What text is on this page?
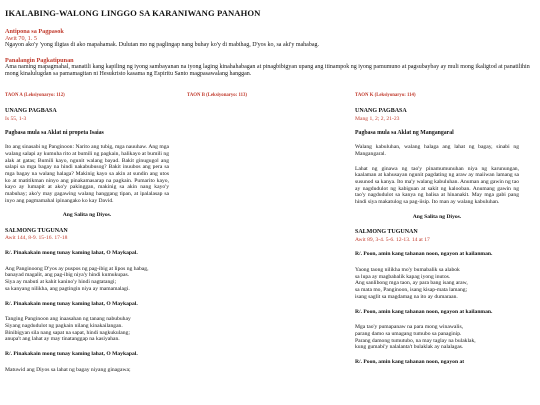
IKALABING-WALONG LINGGO SA KARANIWANG PANAHON

Antipona sa Pagpasok

Awit 70, 1. 5

Ngayon ako'y 'yong iligtas di ako mapahamak. Dulutan mo ng paglingap nang buhay ko'y di mabihag, D'yos ko, sa aki'y mahabag.

Panalangin Pagkatipunan

Ama naming mapagmahal, manatili kang kapiling ng iyong sambayanan na iyong laging kinahahabagan at pinagbibigyan upang ang itinampok ng iyong pamumuno at pagsubaybay ay muli mong ikaligtod at panatilihin mong kinalulugdan sa pamamagitan ni Hesukristo kasama ng Espiritu Santo magpasawalang hanggan.

TAON A (Leksiyonaryo: 112)

UNANG PAGBASA

Is 55, 1-3

Pagbasa mula sa Aklat ni propeta Isaias

Ito ang sinasabi ng Panginoon: Narito ang tubig, mga nauuhaw. Ang mga walang salapi ay kumuha rito at bumili ng pagkain, halikayo at bumili ng alak at gatas; Bumili kayo, ngunit walang bayad. Bakit ginugugol ang salapi sa mga bagay na hindi nakabubusog? Bakit inuubos ang pera sa mga bagay na walang halaga? Makinig kayo sa akin at sundin ang utos ko at matitikman ninyo ang pinakamasarap na pagkain. Pumarito kayo, kayo ay lumapit at ako'y pakinggan, makinig sa akin nang kayo'y mabuhay; ako'y may gagawing walang hanggang tipan, at ipalalasap sa inyo ang pagmamahal ipinangako ko kay David.

Ang Salita ng Diyos.

SALMONG TUGUNAN

Awit 144, 8-9. 15-16. 17-18

R/. Pinakakain mong tunay kaming lahat, O Maykapal.

Ang Panginoong D'yos ay puspos ng pag-ibig at lipos ng habag,
banayad magalit, ang pag-ibig niya'y hindi kumukupas.
Siya ay mabuti at kahit kanino'y hindi nagtatangi;
sa kanyang nilikha, ang pagtingin niya ay mamamalagi.

R/. Pinakakain mong tunay kaming lahat, O Maykapal.

Tanging Panginoon ang inaasahan ng tanang nabubuhay
Siyang nagdudulot ng pagkain nilang kinakailangan.
Binibigyan sila nang sapat na sapat, hindi nagkukulang;
anupa't ang lahat ay may tinatanggap na kasiyahan.

R/. Pinakakain mong tunay kaming lahat, O Maykapal.

Matuwid ang Diyos sa lahat ng bagay niyang ginagawa;
TAON B (Leksiyonaryo: 113)	TAON K (Leksiyonaryo: 114)

UNANG PAGBASA

Mang 1, 2; 2, 21-23

Pagbasa mula sa Aklat ng Mangangaral

Walang kabuluhan, walang halaga ang lahat ng bagay, sinabi ng Mangangaral.

Lahat ng ginawa ng tao'y pinamumunuhan niya ng karunungan, kaalaman at kahusayan ngunit pagdating ng araw ay maiiwan lamang sa susunod sa kanya. Ito ma'y walang kabuluhan. Anuman ang gawin ng tao ay nagdudulot ng kabiguan at sakit ng kalooban. Anumang gawin ng tao'y nagdudulot sa kanya ng balisa at hinanakit. May mga gabi pang hindi siya makatulog sa pag-iisip. Ito man ay walang kabuluhan.

Ang Salita ng Diyos.

SALMONG TUGUNAN

Awit 89, 3-4. 5-6. 12-13. 14 at 17

R/. Poon, amin kang tahanan noon, ngayon at kailanman.

Yaong taong nilikha mo'y bumabalik sa alabok
sa lupa ay magbabalik kapag iyong inutos.
Ang sanlibong mga taon, ay para bang isang araw,
sa mata mo, Panginoon, isang kisap-mata lamang;
isang saglit sa magdamag na ito ay dumaraan.

R/. Poon, amin kang tahanan noon, ngayon at kailanman.

Mga tao'y pumapanaw na para mong winawalis,
parang damo sa umagang tumubo sa panaginip.
Parang damong tumutubo, na may taglay na bulaklak,
kung gumabi'y nalalanta't bulaklak ay nalalagas.

R/. Poon, amin kang tahanan noon, ngayon at
